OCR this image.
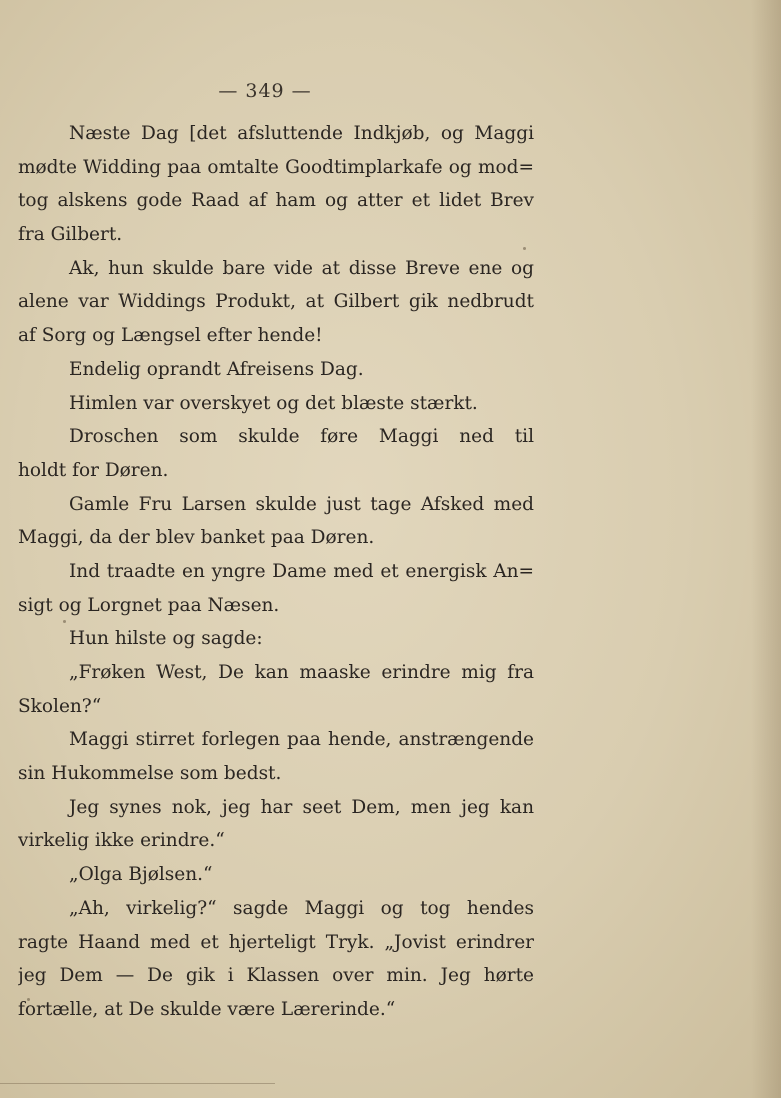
— 349 —
Næste Dag [det afsluttende Indkjøb, og Maggi
mødte Widding paa omtalte Goodtimplarkafe og mod=
tog alskens gode Raad af ham og atter et lidet Brev
fra Gilbert.
Ak, hun skulde bare vide at disse Breve ene og
alene var Widdings Produkt, at Gilbert gik nedbrudt
af Sorg og Længsel efter hende!
Endelig oprandt Afreisens Dag.
Himlen var overskyet og det blæste stærkt.
Droschen som skulde føre Maggi ned til
holdt for Døren.
Gamle Fru Larsen skulde just tage Afsked med
Maggi, da der blev banket paa Døren.
Ind traadte en yngre Dame med et energisk An=
sigt og Lorgnet paa Næsen.
Hun hilste og sagde:
„Frøken West, De kan maaske erindre mig fra
Skolen?“
Maggi stirret forlegen paa hende, anstrængende
sin Hukommelse som bedst.
Jeg synes nok, jeg har seet Dem, men jeg kan
virkelig ikke erindre.“
„Olga Bjølsen.“
„Ah, virkelig?“ sagde Maggi og tog hendes
ragte Haand med et hjerteligt Tryk. „Jovist erindrer
jeg Dem — De gik i Klassen over min. Jeg hørte
fortælle, at De skulde være Lærerinde.“
